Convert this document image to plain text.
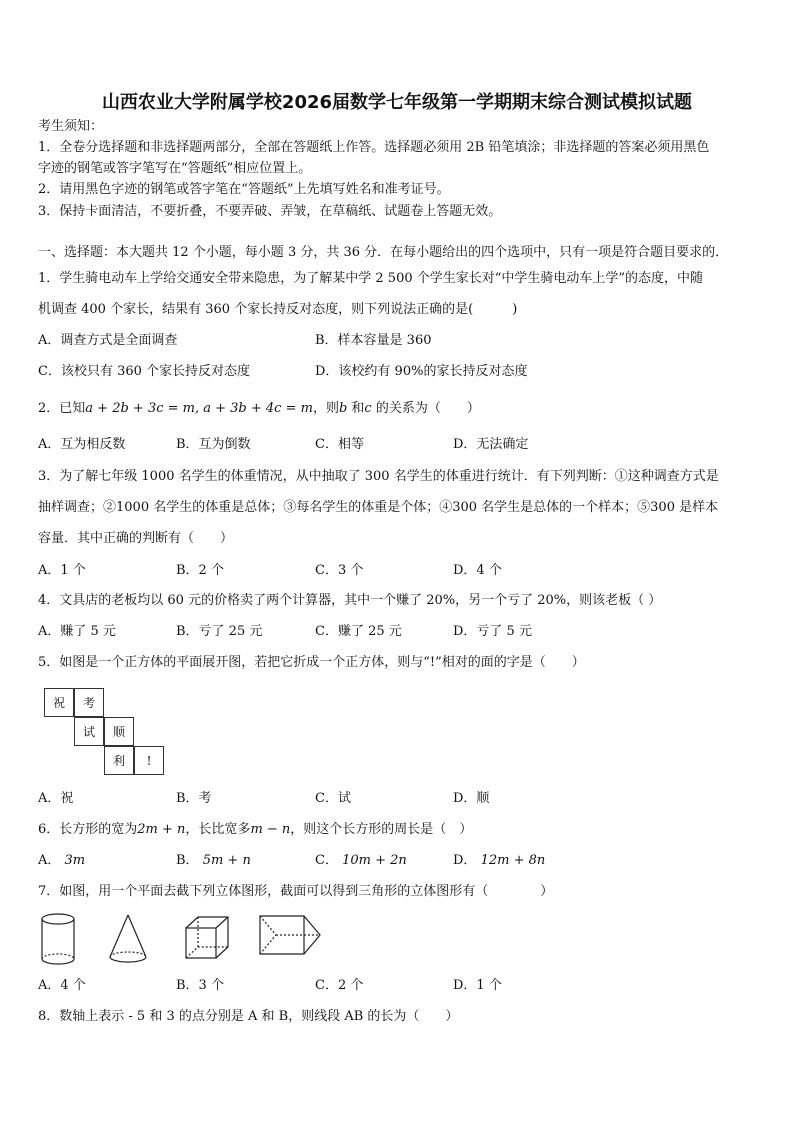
山西农业大学附属学校2026届数学七年级第一学期期末综合测试模拟试题
考生须知：
1．全卷分选择题和非选择题两部分，全部在答题纸上作答。选择题必须用 2B 铅笔填涂；非选择题的答案必须用黑色
字迹的钢笔或答字笔写在“答题纸”相应位置上。
2．请用黑色字迹的钢笔或答字笔在“答题纸”上先填写姓名和准考证号。
3．保持卡面清洁，不要折叠，不要弄破、弄皱，在草稿纸、试题卷上答题无效。
一、选择题：本大题共 12 个小题，每小题 3 分，共 36 分．在每小题给出的四个选项中，只有一项是符合题目要求的．
1．学生骑电动车上学给交通安全带来隐患，为了解某中学 2 500 个学生家长对“中学生骑电动车上学”的态度，中随
机调查 400 个家长，结果有 360 个家长持反对态度，则下列说法正确的是(　　　)
A．调查方式是全面调查	B．样本容量是 360
C．该校只有 360 个家长持反对态度	D．该校约有 90%的家长持反对态度
2．已知a + 2b + 3c = m, a + 3b + 4c = m，则b 和c 的关系为（　　）
A．互为相反数	B．互为倒数	C．相等	D．无法确定
3．为了解七年级 1000 名学生的体重情况，从中抽取了 300 名学生的体重进行统计．有下列判断：①这种调查方式是
抽样调查；②1000 名学生的体重是总体；③每名学生的体重是个体；④300 名学生是总体的一个样本；⑤300 是样本
容量．其中正确的判断有（　　）
A．1 个	B．2 个	C．3 个	D．4 个
4．文具店的老板均以 60 元的价格卖了两个计算器，其中一个赚了 20%，另一个亏了 20%，则该老板（ ）
A．赚了 5 元	B．亏了 25 元	C．赚了 25 元	D．亏了 5 元
5．如图是一个正方体的平面展开图，若把它折成一个正方体，则与“!”相对的面的字是（　　）
祝	考
试	顺
利	!
A．祝	B．考	C．试	D．顺
6．长方形的宽为2m + n，长比宽多m − n，则这个长方形的周长是（　）
A． 3m	B． 5m + n	C． 10m + 2n	D． 12m + 8n
7．如图，用一个平面去截下列立体图形，截面可以得到三角形的立体图形有（　　　　）
A．4 个	B．3 个	C．2 个	D．1 个
8．数轴上表示 - 5 和 3 的点分别是 A 和 B，则线段 AB 的长为（　　）
